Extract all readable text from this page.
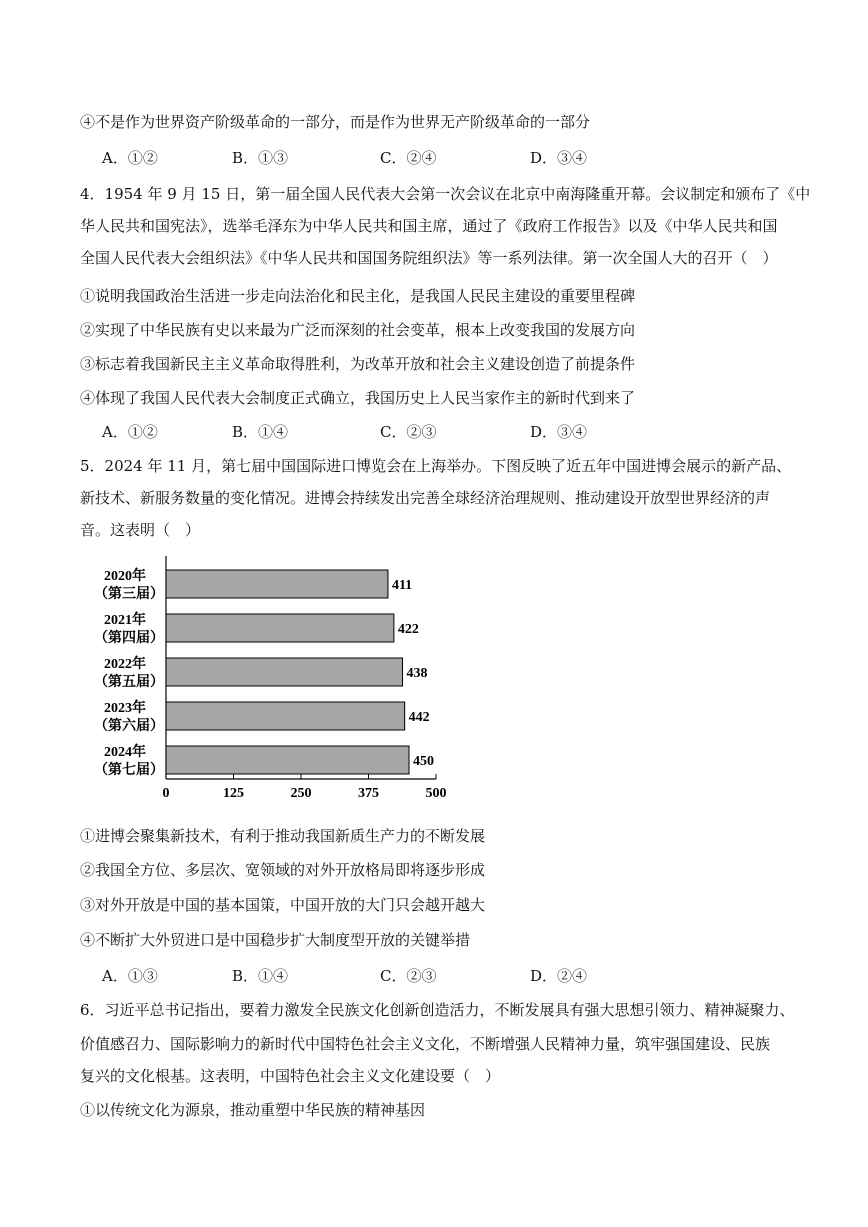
④不是作为世界资产阶级革命的一部分，而是作为世界无产阶级革命的一部分
A．①②	B．①③	C．②④	D．③④
4．1954 年 9 月 15 日，第一届全国人民代表大会第一次会议在北京中南海隆重开幕。会议制定和颁布了《中
华人民共和国宪法》，选举毛泽东为中华人民共和国主席，通过了《政府工作报告》以及《中华人民共和国
全国人民代表大会组织法》《中华人民共和国国务院组织法》等一系列法律。第一次全国人大的召开（　）
①说明我国政治生活进一步走向法治化和民主化，是我国人民民主建设的重要里程碑
②实现了中华民族有史以来最为广泛而深刻的社会变革，根本上改变我国的发展方向
③标志着我国新民主主义革命取得胜利，为改革开放和社会主义建设创造了前提条件
④体现了我国人民代表大会制度正式确立，我国历史上人民当家作主的新时代到来了
A．①②	B．①④	C．②③	D．③④
5．2024 年 11 月，第七届中国国际进口博览会在上海举办。下图反映了近五年中国进博会展示的新产品、
新技术、新服务数量的变化情况。进博会持续发出完善全球经济治理规则、推动建设开放型世界经济的声
音。这表明（　）
0	125	250	375	500
411
2020年
（第三届）
422
2021年
（第四届）
438
2022年
（第五届）
442
2023年
（第六届）
450
2024年
（第七届）
①进博会聚集新技术，有利于推动我国新质生产力的不断发展
②我国全方位、多层次、宽领域的对外开放格局即将逐步形成
③对外开放是中国的基本国策，中国开放的大门只会越开越大
④不断扩大外贸进口是中国稳步扩大制度型开放的关键举措
A．①③	B．①④	C．②③	D．②④
6．习近平总书记指出，要着力激发全民族文化创新创造活力，不断发展具有强大思想引领力、精神凝聚力、
价值感召力、国际影响力的新时代中国特色社会主义文化，不断增强人民精神力量，筑牢强国建设、民族
复兴的文化根基。这表明，中国特色社会主义文化建设要（　）
①以传统文化为源泉，推动重塑中华民族的精神基因
